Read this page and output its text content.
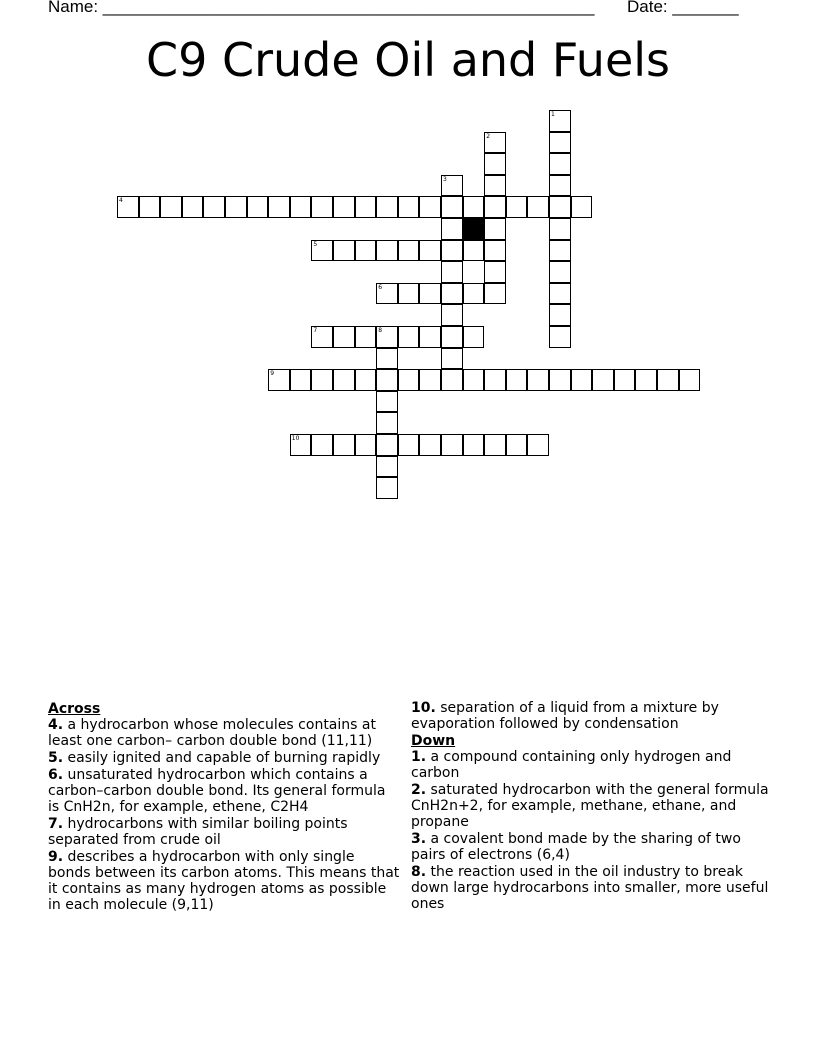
Name: ____________________________________________________ Date: _______
C9 Crude Oil and Fuels
1
2
3
4
5
6
7	8
9
10
Across
4. a hydrocarbon whose molecules contains at least one carbon– carbon double bond (11,11)
5. easily ignited and capable of burning rapidly
6. unsaturated hydrocarbon which contains a carbon–carbon double bond. Its general formula is CnH2n, for example, ethene, C2H4
7. hydrocarbons with similar boiling points separated from crude oil
9. describes a hydrocarbon with only single bonds between its carbon atoms. This means that it contains as many hydrogen atoms as possible in each molecule (9,11)
10. separation of a liquid from a mixture by evaporation followed by condensation
Down
1. a compound containing only hydrogen and carbon
2. saturated hydrocarbon with the general formula CnH2n+2, for example, methane, ethane, and propane
3. a covalent bond made by the sharing of two pairs of electrons (6,4)
8. the reaction used in the oil industry to break down large hydrocarbons into smaller, more useful ones
